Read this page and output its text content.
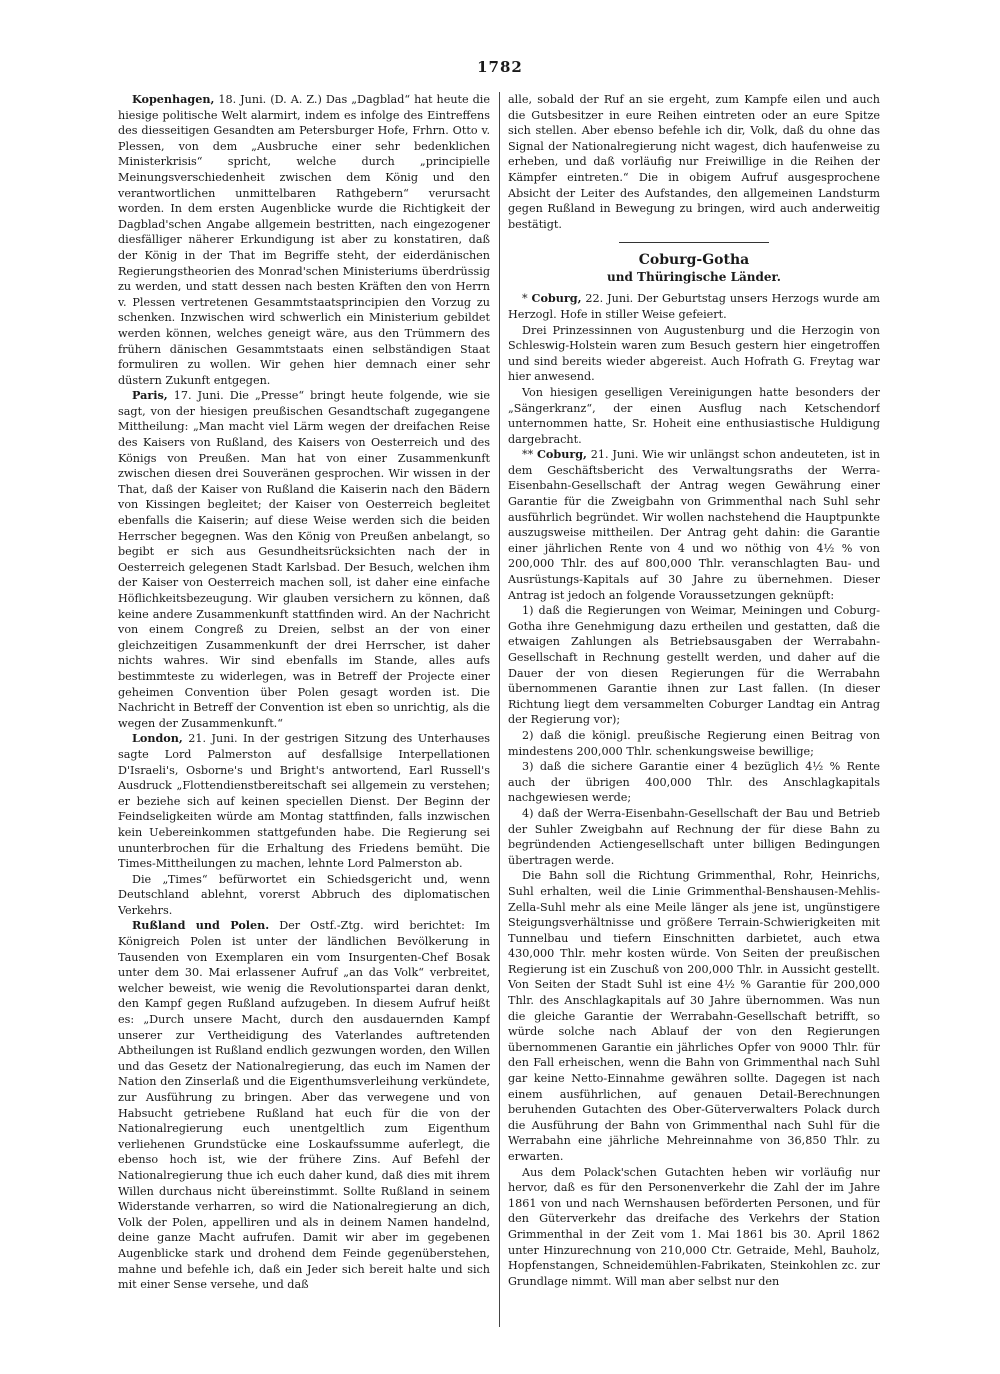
1782

Kopenhagen, 18. Juni. (D. A. Z.) Das „Dagblad“ hat heute die hiesige politische Welt alarmirt, indem es infolge des Eintreffens des diesseitigen Gesandten am Petersburger Hofe, Frhrn. Otto v. Plessen, von dem „Ausbruche einer sehr bedenklichen Ministerkrisis“ spricht, welche durch „principielle Meinungsverschiedenheit zwischen dem König und den verantwortlichen unmittelbaren Rathgebern“ verursacht worden. In dem ersten Augenblicke wurde die Richtigkeit der Dagblad'schen Angabe allgemein bestritten, nach eingezogener diesfälliger näherer Erkundigung ist aber zu konstatiren, daß der König in der That im Begriffe steht, der eiderdänischen Regierungstheorien des Monrad'schen Ministeriums überdrüssig zu werden, und statt dessen nach besten Kräften den von Herrn v. Plessen vertretenen Gesammtstaatsprincipien den Vorzug zu schenken. Inzwischen wird schwerlich ein Ministerium gebildet werden können, welches geneigt wäre, aus den Trümmern des frühern dänischen Gesammtstaats einen selbständigen Staat formuliren zu wollen. Wir gehen hier demnach einer sehr düstern Zukunft entgegen.

Paris, 17. Juni. Die „Presse“ bringt heute folgende, wie sie sagt, von der hiesigen preußischen Gesandtschaft zugegangene Mittheilung: „Man macht viel Lärm wegen der dreifachen Reise des Kaisers von Rußland, des Kaisers von Oesterreich und des Königs von Preußen. Man hat von einer Zusammenkunft zwischen diesen drei Souveränen gesprochen. Wir wissen in der That, daß der Kaiser von Rußland die Kaiserin nach den Bädern von Kissingen begleitet; der Kaiser von Oesterreich begleitet ebenfalls die Kaiserin; auf diese Weise werden sich die beiden Herrscher begegnen. Was den König von Preußen anbelangt, so begibt er sich aus Gesundheitsrücksichten nach der in Oesterreich gelegenen Stadt Karlsbad. Der Besuch, welchen ihm der Kaiser von Oesterreich machen soll, ist daher eine einfache Höflichkeitsbezeugung. Wir glauben versichern zu können, daß keine andere Zusammenkunft stattfinden wird. An der Nachricht von einem Congreß zu Dreien, selbst an der von einer gleichzeitigen Zusammenkunft der drei Herrscher, ist daher nichts wahres. Wir sind ebenfalls im Stande, alles aufs bestimmteste zu widerlegen, was in Betreff der Projecte einer geheimen Convention über Polen gesagt worden ist. Die Nachricht in Betreff der Convention ist eben so unrichtig, als die wegen der Zusammenkunft.“

London, 21. Juni. In der gestrigen Sitzung des Unterhauses sagte Lord Palmerston auf desfallsige Interpellationen D'Israeli's, Osborne's und Bright's antwortend, Earl Russell's Ausdruck „Flottendienstbereitschaft sei allgemein zu verstehen; er beziehe sich auf keinen speciellen Dienst. Der Beginn der Feindseligkeiten würde am Montag stattfinden, falls inzwischen kein Uebereinkommen stattgefunden habe. Die Regierung sei ununterbrochen für die Erhaltung des Friedens bemüht. Die Times-Mittheilungen zu machen, lehnte Lord Palmerston ab.

Die „Times“ befürwortet ein Schiedsgericht und, wenn Deutschland ablehnt, vorerst Abbruch des diplomatischen Verkehrs.

Rußland und Polen. Der Ostf.-Ztg. wird berichtet: Im Königreich Polen ist unter der ländlichen Bevölkerung in Tausenden von Exemplaren ein vom Insurgenten-Chef Bosak unter dem 30. Mai erlassener Aufruf „an das Volk“ verbreitet, welcher beweist, wie wenig die Revolutionspartei daran denkt, den Kampf gegen Rußland aufzugeben. In diesem Aufruf heißt es: „Durch unsere Macht, durch den ausdauernden Kampf unserer zur Vertheidigung des Vaterlandes auftretenden Abtheilungen ist Rußland endlich gezwungen worden, den Willen und das Gesetz der Nationalregierung, das euch im Namen der Nation den Zinserlaß und die Eigenthumsverleihung verkündete, zur Ausführung zu bringen. Aber das verwegene und von Habsucht getriebene Rußland hat euch für die von der Nationalregierung euch unentgeltlich zum Eigenthum verliehenen Grundstücke eine Loskaufssumme auferlegt, die ebenso hoch ist, wie der frühere Zins. Auf Befehl der Nationalregierung thue ich euch daher kund, daß dies mit ihrem Willen durchaus nicht übereinstimmt. Sollte Rußland in seinem Widerstande verharren, so wird die Nationalregierung an dich, Volk der Polen, appelliren und als in deinem Namen handelnd, deine ganze Macht aufrufen. Damit wir aber im gegebenen Augenblicke stark und drohend dem Feinde gegenüberstehen, mahne und befehle ich, daß ein Jeder sich bereit halte und sich mit einer Sense versehe, und daß

alle, sobald der Ruf an sie ergeht, zum Kampfe eilen und auch die Gutsbesitzer in eure Reihen eintreten oder an eure Spitze sich stellen. Aber ebenso befehle ich dir, Volk, daß du ohne das Signal der Nationalregierung nicht wagest, dich haufenweise zu erheben, und daß vorläufig nur Freiwillige in die Reihen der Kämpfer eintreten.“ Die in obigem Aufruf ausgesprochene Absicht der Leiter des Aufstandes, den allgemeinen Landsturm gegen Rußland in Bewegung zu bringen, wird auch anderweitig bestätigt.

Coburg-Gotha
und Thüringische Länder.

* Coburg, 22. Juni. Der Geburtstag unsers Herzogs wurde am Herzogl. Hofe in stiller Weise gefeiert.

Drei Prinzessinnen von Augustenburg und die Herzogin von Schleswig-Holstein waren zum Besuch gestern hier eingetroffen und sind bereits wieder abgereist. Auch Hofrath G. Freytag war hier anwesend.

Von hiesigen geselligen Vereinigungen hatte besonders der „Sängerkranz“, der einen Ausflug nach Ketschendorf unternommen hatte, Sr. Hoheit eine enthusiastische Huldigung dargebracht.

** Coburg, 21. Juni. Wie wir unlängst schon andeuteten, ist in dem Geschäftsbericht des Verwaltungsraths der Werra-Eisenbahn-Gesellschaft der Antrag wegen Gewährung einer Garantie für die Zweigbahn von Grimmenthal nach Suhl sehr ausführlich begründet. Wir wollen nachstehend die Hauptpunkte auszugsweise mittheilen. Der Antrag geht dahin: die Garantie einer jährlichen Rente von 4 und wo nöthig von 4½ % von 200,000 Thlr. des auf 800,000 Thlr. veranschlagten Bau- und Ausrüstungs-Kapitals auf 30 Jahre zu übernehmen. Dieser Antrag ist jedoch an folgende Voraussetzungen geknüpft:

1) daß die Regierungen von Weimar, Meiningen und Coburg-Gotha ihre Genehmigung dazu ertheilen und gestatten, daß die etwaigen Zahlungen als Betriebsausgaben der Werrabahn-Gesellschaft in Rechnung gestellt werden, und daher auf die Dauer der von diesen Regierungen für die Werrabahn übernommenen Garantie ihnen zur Last fallen. (In dieser Richtung liegt dem versammelten Coburger Landtag ein Antrag der Regierung vor);

2) daß die königl. preußische Regierung einen Beitrag von mindestens 200,000 Thlr. schenkungsweise bewillige;

3) daß die sichere Garantie einer 4 bezüglich 4½ % Rente auch der übrigen 400,000 Thlr. des Anschlagkapitals nachgewiesen werde;

4) daß der Werra-Eisenbahn-Gesellschaft der Bau und Betrieb der Suhler Zweigbahn auf Rechnung der für diese Bahn zu begründenden Actiengesellschaft unter billigen Bedingungen übertragen werde.

Die Bahn soll die Richtung Grimmenthal, Rohr, Heinrichs, Suhl erhalten, weil die Linie Grimmenthal-Benshausen-Mehlis-Zella-Suhl mehr als eine Meile länger als jene ist, ungünstigere Steigungsverhältnisse und größere Terrain-Schwierigkeiten mit Tunnelbau und tiefern Einschnitten darbietet, auch etwa 430,000 Thlr. mehr kosten würde. Von Seiten der preußischen Regierung ist ein Zuschuß von 200,000 Thlr. in Aussicht gestellt. Von Seiten der Stadt Suhl ist eine 4½ % Garantie für 200,000 Thlr. des Anschlagkapitals auf 30 Jahre übernommen. Was nun die gleiche Garantie der Werrabahn-Gesellschaft betrifft, so würde solche nach Ablauf der von den Regierungen übernommenen Garantie ein jährliches Opfer von 9000 Thlr. für den Fall erheischen, wenn die Bahn von Grimmenthal nach Suhl gar keine Netto-Einnahme gewähren sollte. Dagegen ist nach einem ausführlichen, auf genauen Detail-Berechnungen beruhenden Gutachten des Ober-Güterverwalters Polack durch die Ausführung der Bahn von Grimmenthal nach Suhl für die Werrabahn eine jährliche Mehreinnahme von 36,850 Thlr. zu erwarten.

Aus dem Polack'schen Gutachten heben wir vorläufig nur hervor, daß es für den Personenverkehr die Zahl der im Jahre 1861 von und nach Wernshausen beförderten Personen, und für den Güterverkehr das dreifache des Verkehrs der Station Grimmenthal in der Zeit vom 1. Mai 1861 bis 30. April 1862 unter Hinzurechnung von 210,000 Ctr. Getraide, Mehl, Bauholz, Hopfenstangen, Schneidemühlen-Fabrikaten, Steinkohlen zc. zur Grundlage nimmt. Will man aber selbst nur den
